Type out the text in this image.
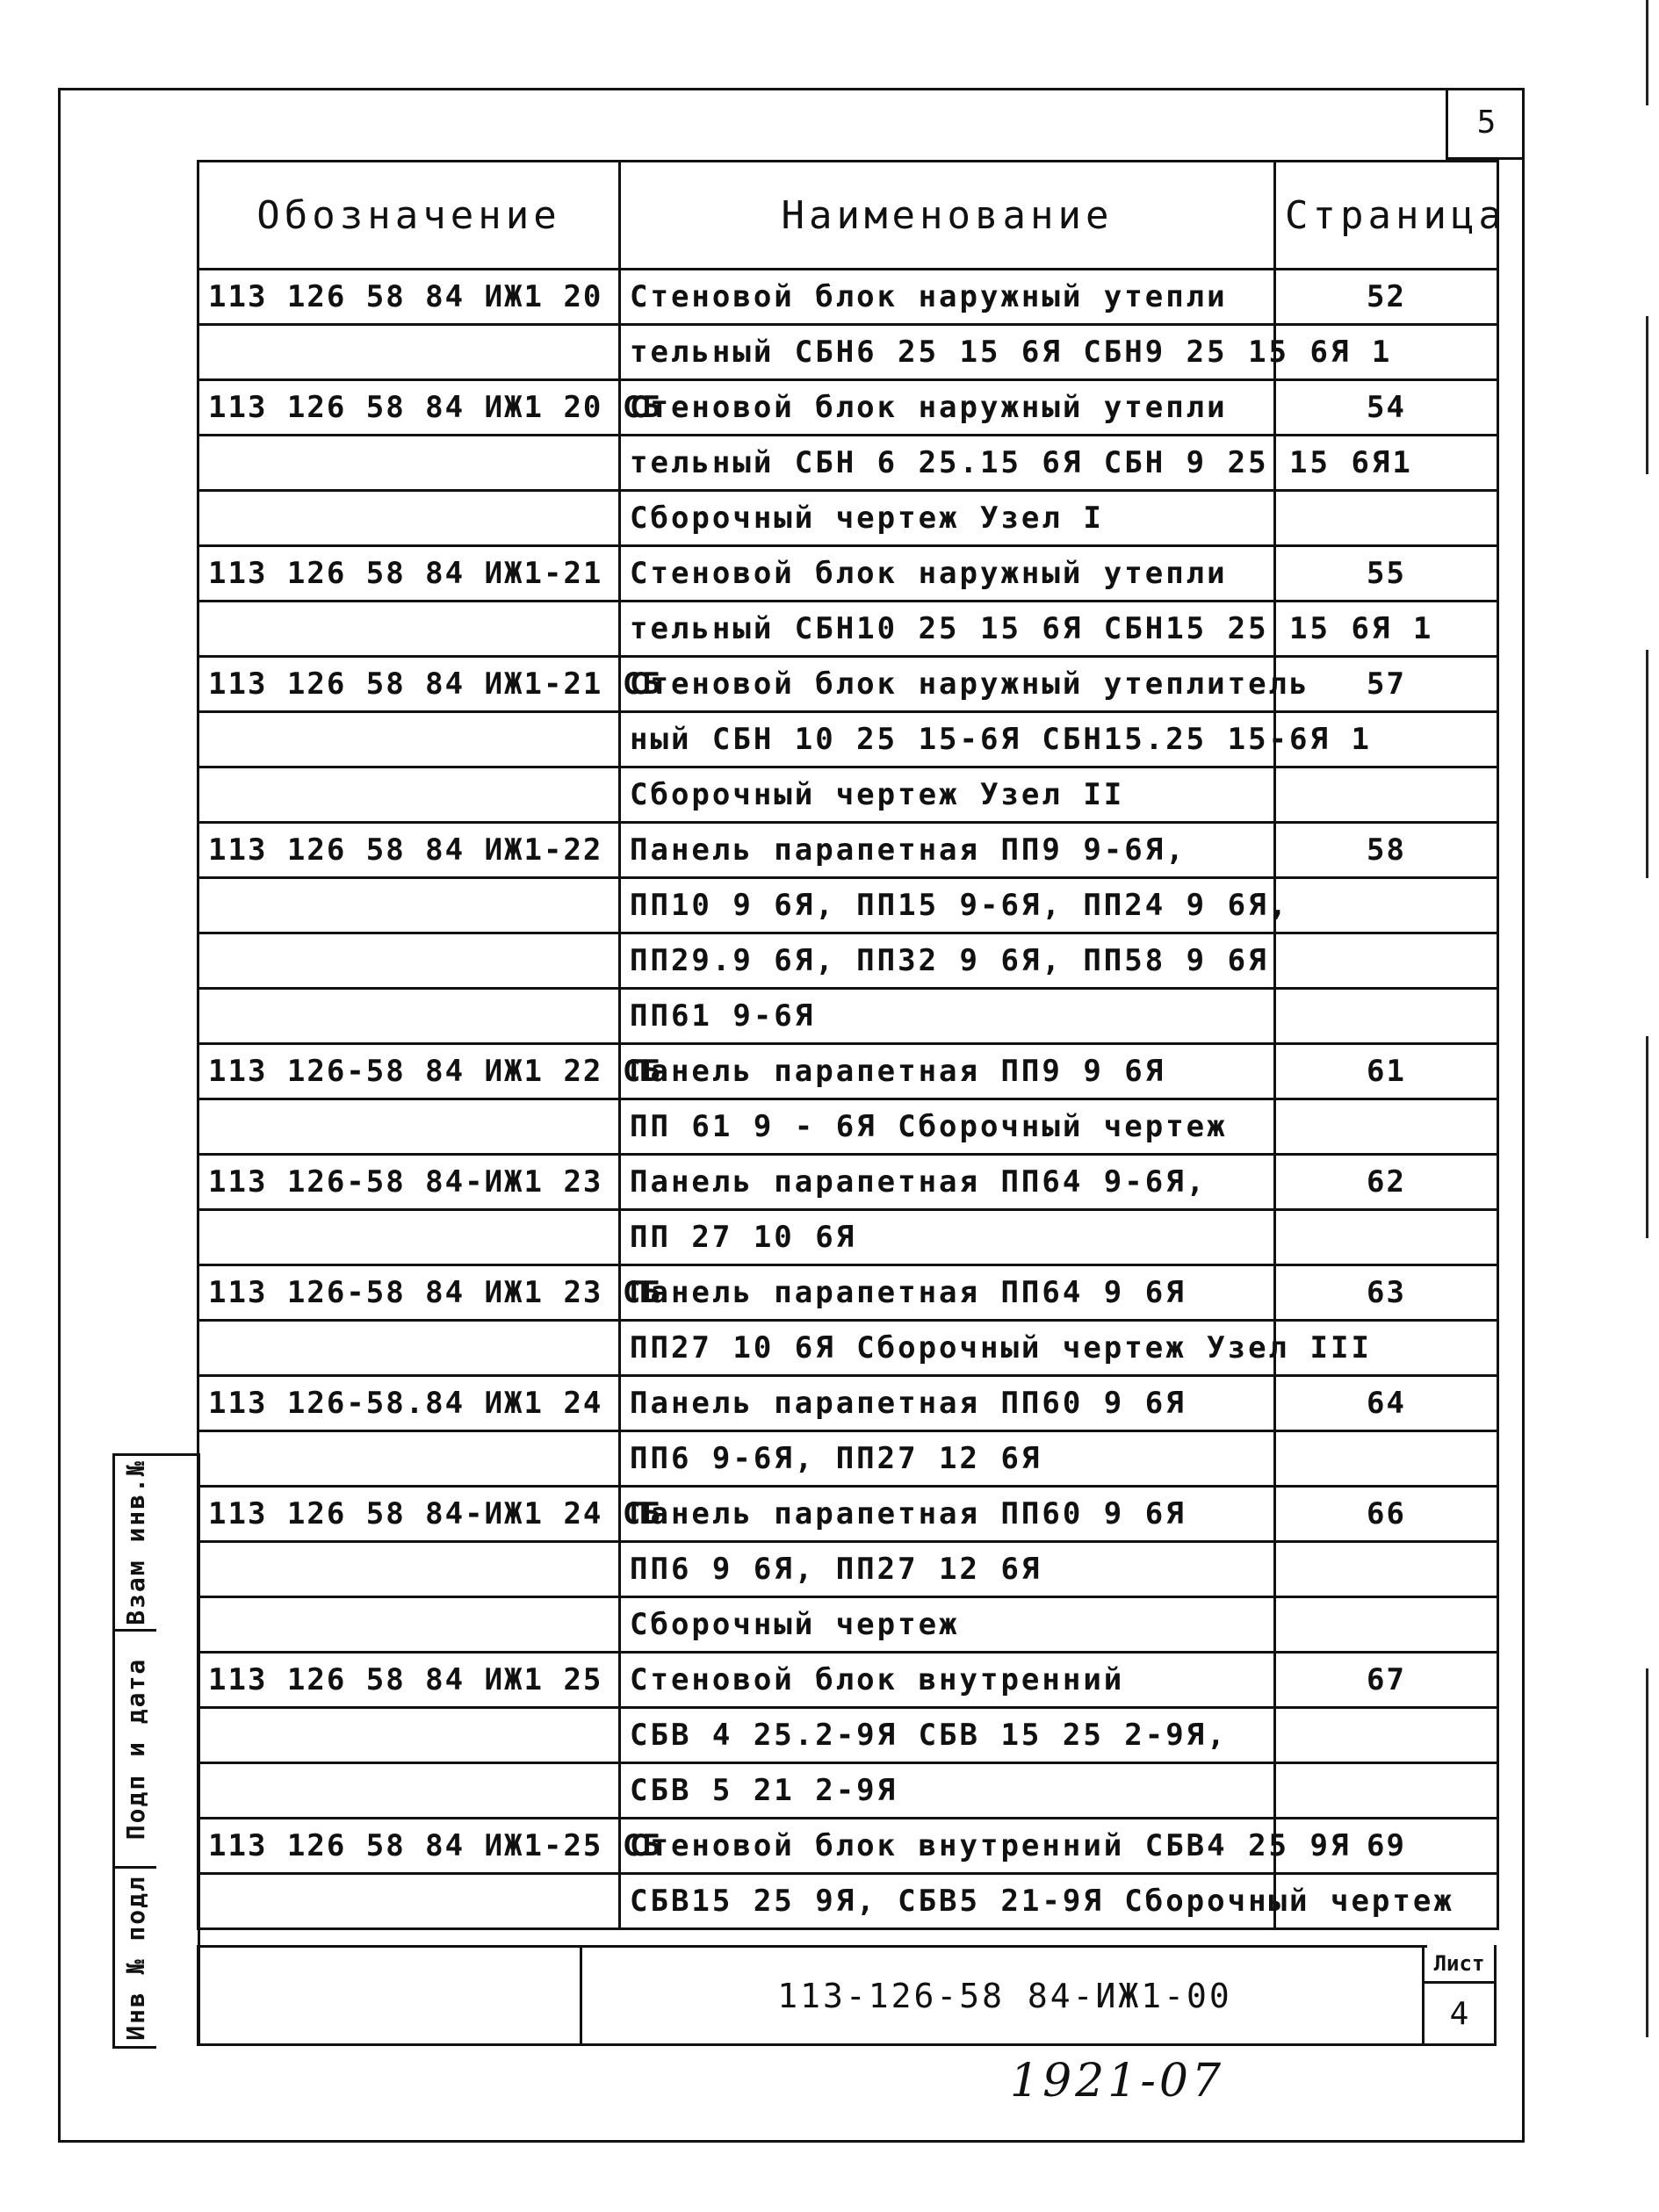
5
Обозначение	Наименование	Страница
113 126 58 84 ИЖ1 20	Стеновой блок наружный утепли	52
	тельный СБН6 25 15 6Я СБН9 25 15 6Я 1	
113 126 58 84 ИЖ1 20 СБ	Стеновой блок наружный утепли	54
	тельный СБН 6 25.15 6Я СБН 9 25 15 6Я1	
	Сборочный чертеж Узел I	
113 126 58 84 ИЖ1-21	Стеновой блок наружный утепли	55
	тельный СБН10 25 15 6Я СБН15 25 15 6Я 1	
113 126 58 84 ИЖ1-21 СБ	Стеновой блок наружный утеплитель	57
	ный СБН 10 25 15-6Я СБН15.25 15-6Я 1	
	Сборочный чертеж Узел II	
113 126 58 84 ИЖ1-22	Панель парапетная ПП9 9-6Я,	58
	ПП10 9 6Я, ПП15 9-6Я, ПП24 9 6Я,	
	ПП29.9 6Я, ПП32 9 6Я, ПП58 9 6Я	
	ПП61 9-6Я	
113 126-58 84 ИЖ1 22 СБ	Панель парапетная ПП9 9 6Я	61
	ПП 61 9 - 6Я Сборочный чертеж	
113 126-58 84-ИЖ1 23	Панель парапетная ПП64 9-6Я,	62
	ПП 27 10 6Я	
113 126-58 84 ИЖ1 23 СБ	Панель парапетная ПП64 9 6Я	63
	ПП27 10 6Я Сборочный чертеж Узел III	
113 126-58.84 ИЖ1 24	Панель парапетная ПП60 9 6Я	64
	ПП6 9-6Я, ПП27 12 6Я	
113 126 58 84-ИЖ1 24 СБ	Панель парапетная ПП60 9 6Я	66
	ПП6 9 6Я, ПП27 12 6Я	
	Сборочный чертеж	
113 126 58 84 ИЖ1 25	Стеновой блок внутренний	67
	СБВ 4 25.2-9Я СБВ 15 25 2-9Я,	
	СБВ 5 21 2-9Я	
113 126 58 84 ИЖ1-25 СБ	Стеновой блок внутренний СБВ4 25 9Я	69
	СБВ15 25 9Я, СБВ5 21-9Я Сборочный чертеж	
Взам инв.№
Подп и дата
Инв № подл	113-126-58 84-ИЖ1-00
Лист
4
1921-07
